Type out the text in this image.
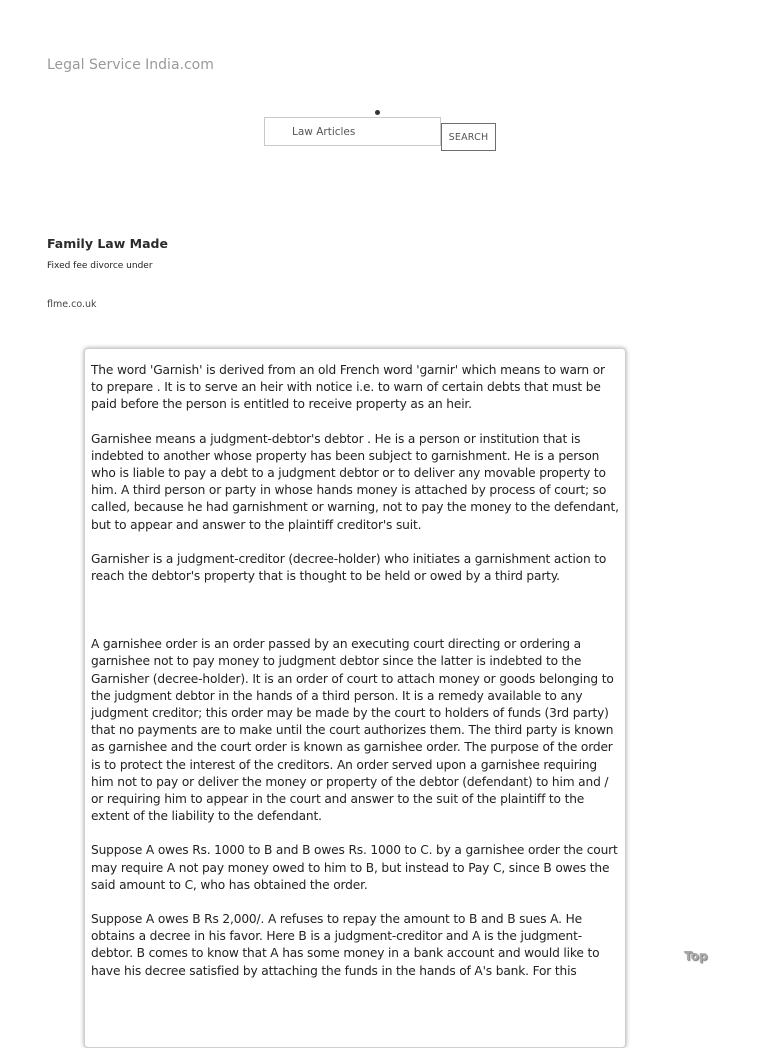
Legal Service India.com
Law Articles
SEARCH
Family Law Made
Fixed fee divorce under
flme.co.uk

The word 'Garnish' is derived from an old French word 'garnir' which means to warn or to prepare . It is to serve an heir with notice i.e. to warn of certain debts that must be paid before the person is entitled to receive property as an heir.

Garnishee means a judgment-debtor's debtor . He is a person or institution that is indebted to another whose property has been subject to garnishment. He is a person who is liable to pay a debt to a judgment debtor or to deliver any movable property to him. A third person or party in whose hands money is attached by process of court; so called, because he had garnishment or warning, not to pay the money to the defendant, but to appear and answer to the plaintiff creditor's suit.

Garnisher is a judgment-creditor (decree-holder) who initiates a garnishment action to reach the debtor's property that is thought to be held or owed by a third party.

A garnishee order is an order passed by an executing court directing or ordering a garnishee not to pay money to judgment debtor since the latter is indebted to the Garnisher (decree-holder). It is an order of court to attach money or goods belonging to the judgment debtor in the hands of a third person. It is a remedy available to any judgment creditor; this order may be made by the court to holders of funds (3rd party) that no payments are to make until the court authorizes them. The third party is known as garnishee and the court order is known as garnishee order. The purpose of the order is to protect the interest of the creditors. An order served upon a garnishee requiring him not to pay or deliver the money or property of the debtor (defendant) to him and / or requiring him to appear in the court and answer to the suit of the plaintiff to the extent of the liability to the defendant.

Suppose A owes Rs. 1000 to B and B owes Rs. 1000 to C. by a garnishee order the court may require A not pay money owed to him to B, but instead to Pay C, since B owes the said amount to C, who has obtained the order.

Suppose A owes B Rs 2,000/. A refuses to repay the amount to B and B sues A. He obtains a decree in his favor. Here B is a judgment-creditor and A is the judgment-debtor. B comes to know that A has some money in a bank account and would like to have his decree satisfied by attaching the funds in the hands of A's bank. For this

Top
